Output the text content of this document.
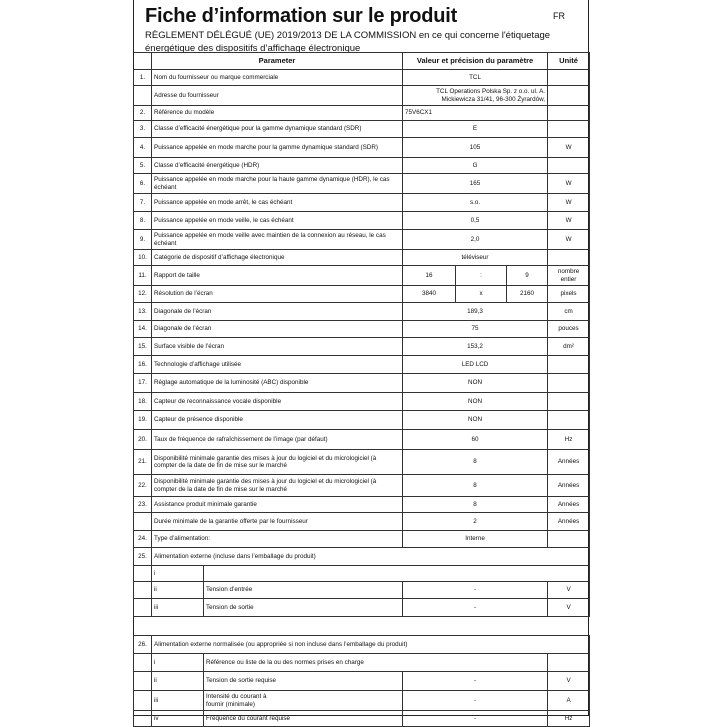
Fiche d’information sur le produit	FR
RÈGLEMENT DÉLÉGUÉ (UE) 2019/2013 DE LA COMMISSION en ce qui concerne l'étiquetage énergétique des dispositifs d’affichage électronique
	Parameter		Valeur et précision du paramètre			Unité
1.	Nom du fournisseur ou marque commerciale		TCL			
	Adresse du fournisseur		TCL Operations Polska Sp. z o.o. ul. A. Mickiewicza 31/41, 96-300 Żyrardów,			
2.	Référence du modèle		75V6CX1			
3.	Classe d’efficacité énergétique pour la gamme dynamique standard (SDR)		E			
4.	Puissance appelée en mode marche pour la gamme dynamique standard (SDR)		105			W
5.	Classe d’efficacité énergétique (HDR)		G			
6.	Puissance appelée en mode marche pour la haute gamme dynamique (HDR), le cas échéant		165			W
7.	Puissance appelée en mode arrêt, le cas échéant		s.o.			W
8.	Puissance appelée en mode veille, le cas échéant		0,5			W
9.	Puissance appelée en mode veille avec maintien de la connexion au réseau, le cas échéant		2,0			W
10.	Catégorie de dispositif d’affichage électronique		téléviseur			
11.	Rapport de taille		16	:	9	nombre entier
12.	Résolution de l’écran		3840	x	2160	pixels
13.	Diagonale de l’écran		189,3			cm
14.	Diagonale de l’écran		75			pouces
15.	Surface visible de l’écran		153,2			dm²
16.	Technologie d’affichage utilisée		LED LCD			
17.	Réglage automatique de la luminosité (ABC) disponible		NON			
18.	Capteur de reconnaissance vocale disponible		NON			
19.	Capteur de présence disponible		NON			
20.	Taux de fréquence de rafraîchissement de l’image (par défaut)		60			Hz
21.	Disponibilité minimale garantie des mises à jour du logiciel et du micrologiciel (à compter de la date de fin de mise sur le marché		8			Années
22.	Disponibilité minimale garantie des mises à jour du logiciel et du micrologiciel (à compter de la date de fin de mise sur le marché		8			Années
23.	Assistance produit minimale garantie		8			Années
	Durée minimale de la garantie offerte par le fournisseur		2			Années
24.	Type d’alimentation:		Interne			
25.	Alimentation externe (incluse dans l’emballage du produit)					
	i					
	ii	Tension d’entrée	-			V
	iii	Tension de sortie	-			V

26.	Alimentation externe normalisée (ou appropriée si non incluse dans l’emballage du produit)					
	i	Référence ou liste de la ou des normes prises en charge				
	ii	Tension de sortie requise	-			V
	iii	Intensité du courant à fournir (minimale)	-			A
	iv	Fréquence du courant requise	-			Hz
